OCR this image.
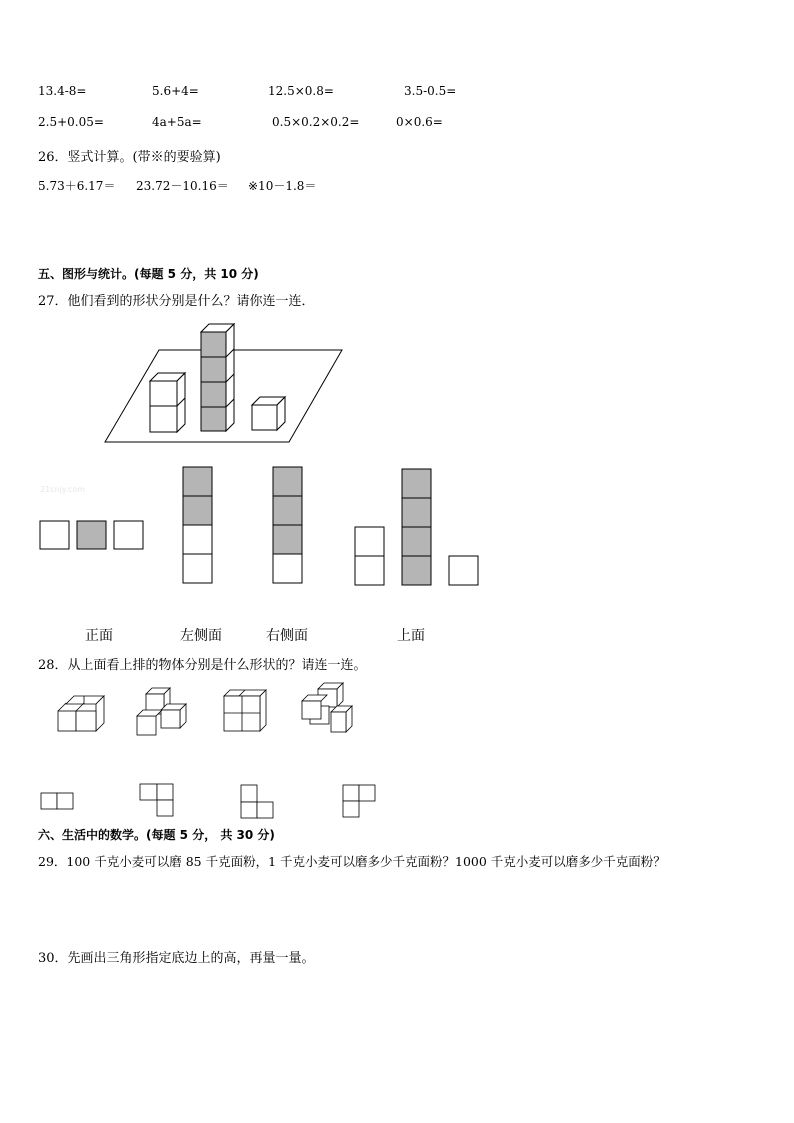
13.4-8=	5.6+4=	12.5×0.8=	3.5-0.5=
2.5+0.05=	4a+5a=	0.5×0.2×0.2=	0×0.6=
26．竖式计算。(带※的要验算)
5.73＋6.17＝ 23.72－10.16＝ ※10－1.8＝
五、图形与统计。(每题 5 分，共 10 分)
27．他们看到的形状分别是什么？请你连一连．
21cnjy.com
正面	左侧面	右侧面	上面
28．从上面看上排的物体分别是什么形状的？请连一连。
六、生活中的数学。(每题 5 分， 共 30 分)
29．100 千克小麦可以磨 85 千克面粉，1 千克小麦可以磨多少千克面粉？1000 千克小麦可以磨多少千克面粉？
30．先画出三角形指定底边上的高，再量一量。
